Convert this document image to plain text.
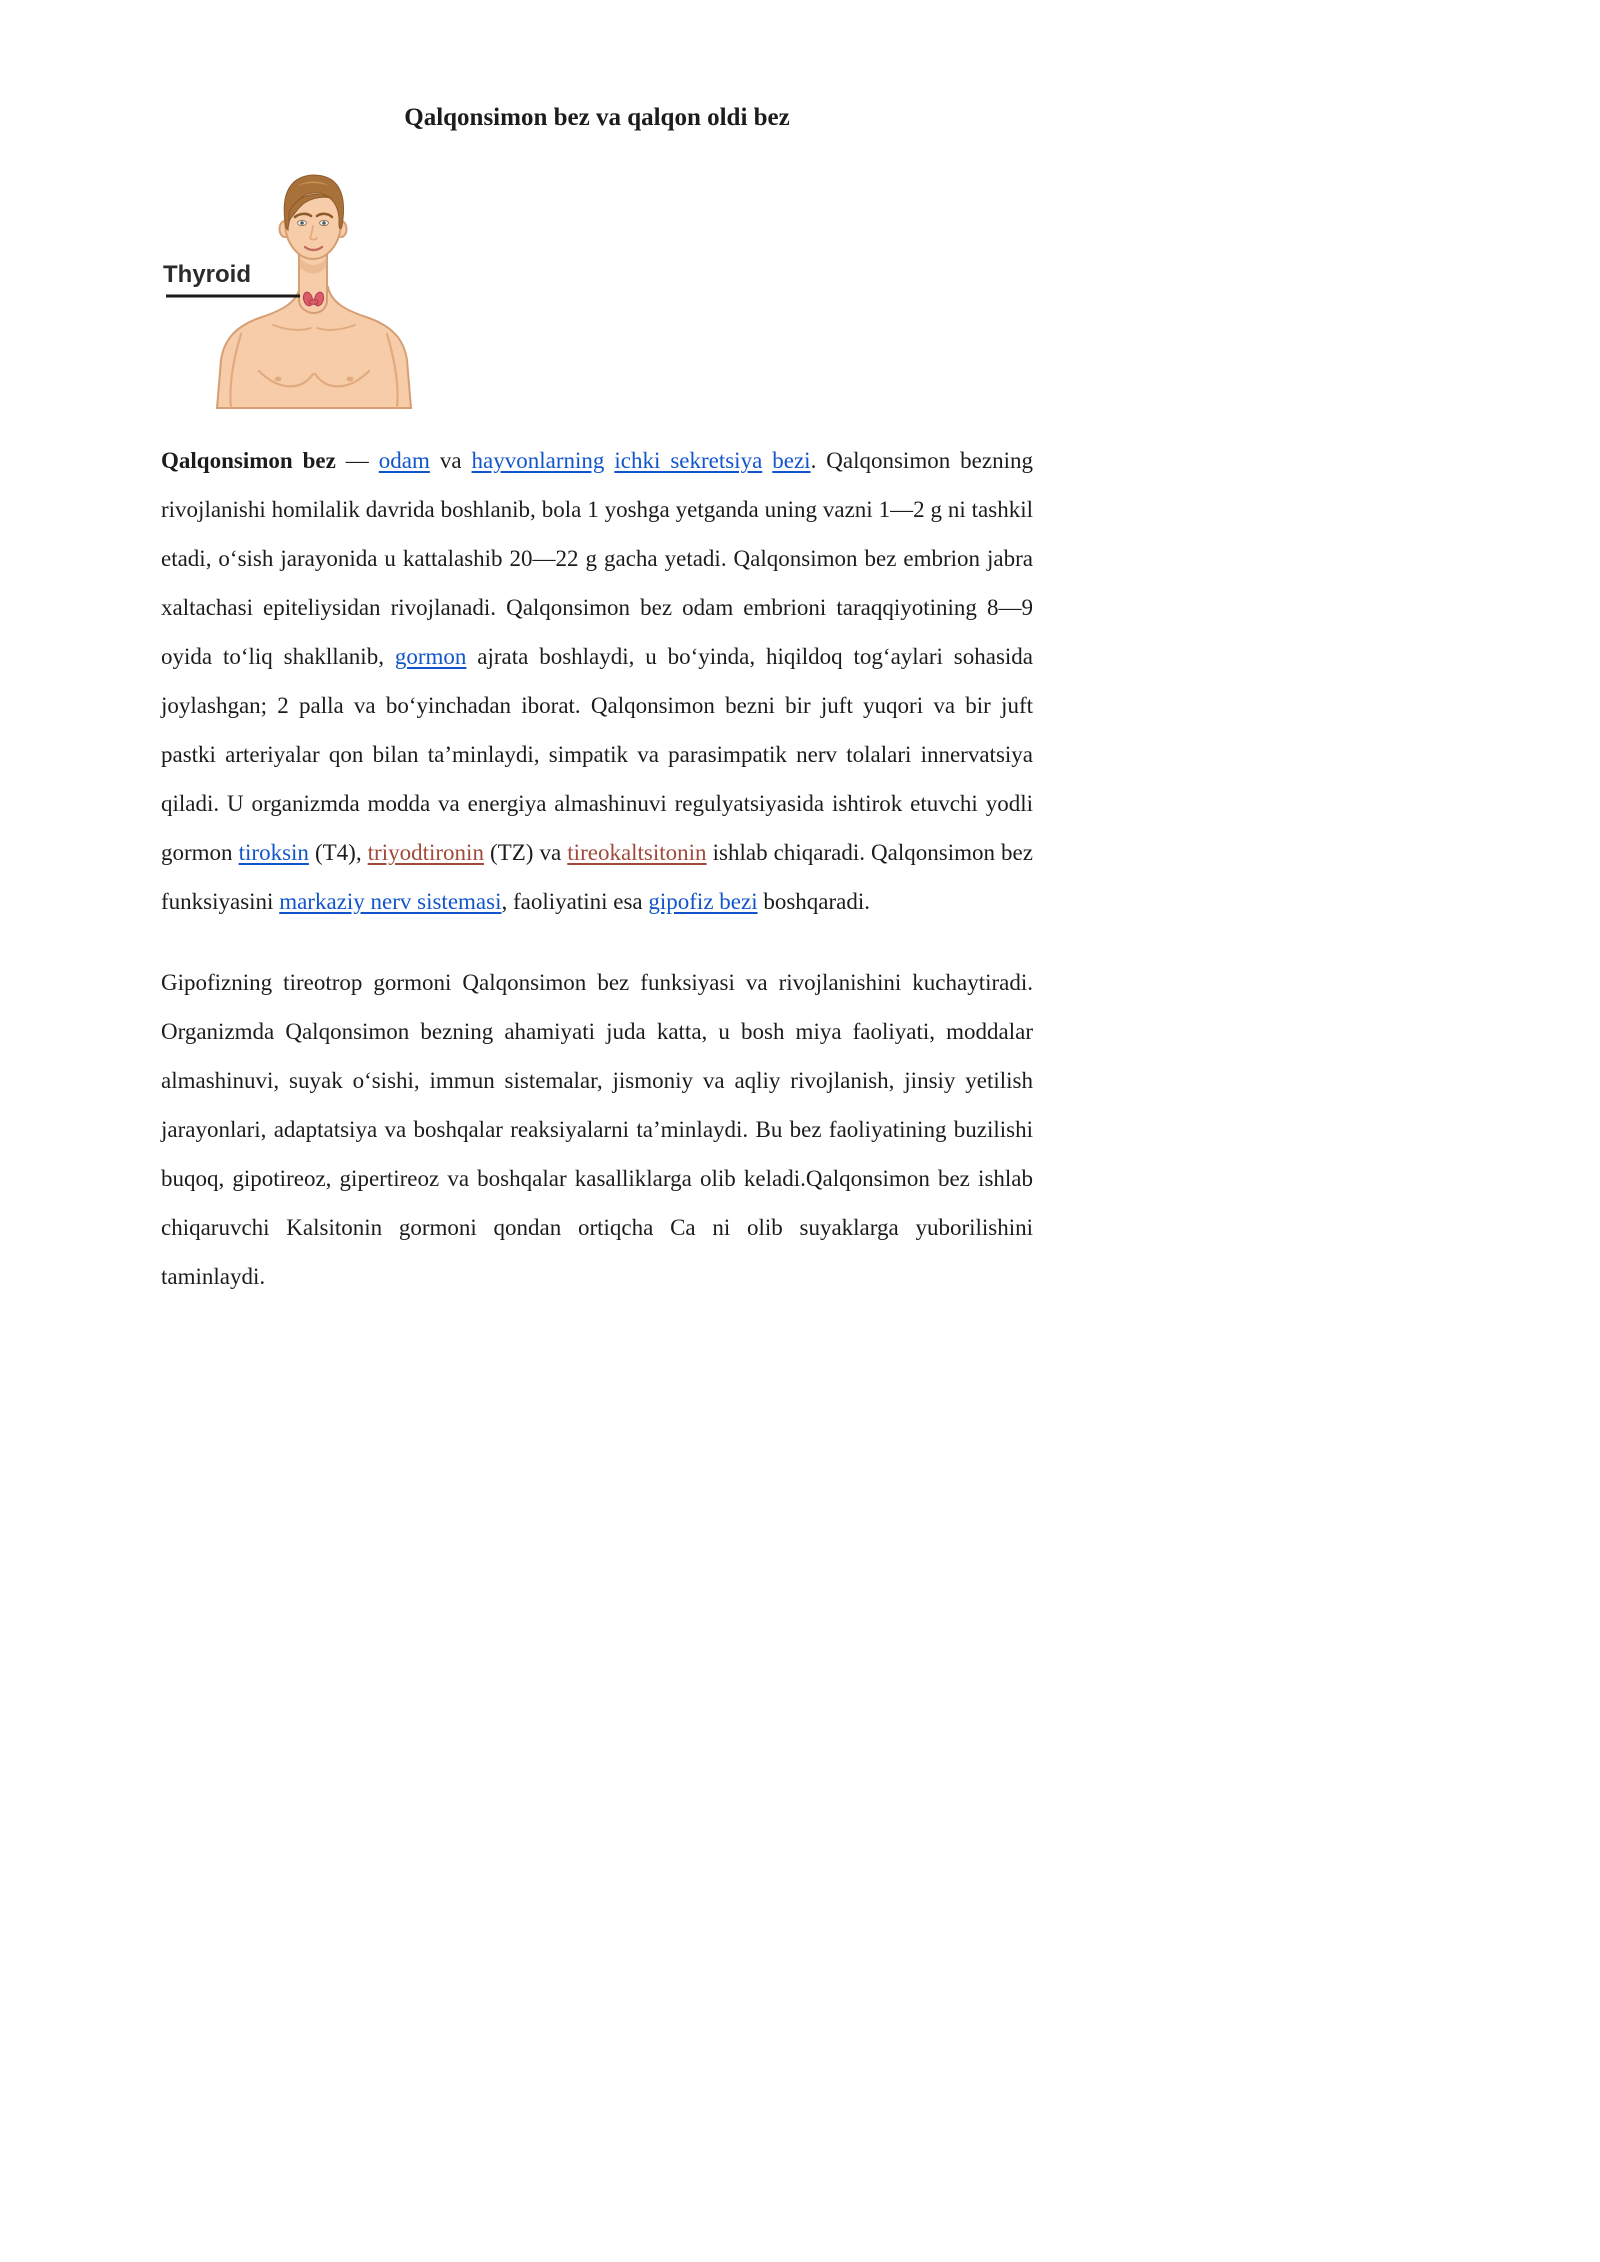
Qalqonsimon bez va qalqon oldi bez
Thyroid

Qalqonsimon bez — odam va hayvonlarning ichki sekretsiya bezi. Qalqonsimon bezning rivojlanishi homilalik davrida boshlanib, bola 1 yoshga yetganda uning vazni 1—2 g ni tashkil etadi, oʻsish jarayonida u kattalashib 20—22 g gacha yetadi. Qalqonsimon bez embrion jabra xaltachasi epiteliysidan rivojlanadi. Qalqonsimon bez odam embrioni taraqqiyotining 8—9 oyida toʻliq shakllanib, gormon ajrata boshlaydi, u boʻyinda, hiqildoq togʻaylari sohasida joylashgan; 2 palla va boʻyinchadan iborat. Qalqonsimon bezni bir juft yuqori va bir juft pastki arteriyalar qon bilan taʼminlaydi, simpatik va parasimpatik nerv tolalari innervatsiya qiladi. U organizmda modda va energiya almashinuvi regulyatsiyasida ishtirok etuvchi yodli gormon tiroksin (T4), triyodtironin (TZ) va tireokaltsitonin ishlab chiqaradi. Qalqonsimon bez funksiyasini markaziy nerv sistemasi, faoliyatini esa gipofiz bezi boshqaradi.

Gipofizning tireotrop gormoni Qalqonsimon bez funksiyasi va rivojlanishini kuchaytiradi. Organizmda Qalqonsimon bezning ahamiyati juda katta, u bosh miya faoliyati, moddalar almashinuvi, suyak oʻsishi, immun sistemalar, jismoniy va aqliy rivojlanish, jinsiy yetilish jarayonlari, adaptatsiya va boshqalar reaksiyalarni taʼminlaydi. Bu bez faoliyatining buzilishi buqoq, gipotireoz, gipertireoz va boshqalar kasalliklarga olib keladi.Qalqonsimon bez ishlab chiqaruvchi Kalsitonin gormoni qondan ortiqcha Ca ni olib suyaklarga yuborilishini taminlaydi.
